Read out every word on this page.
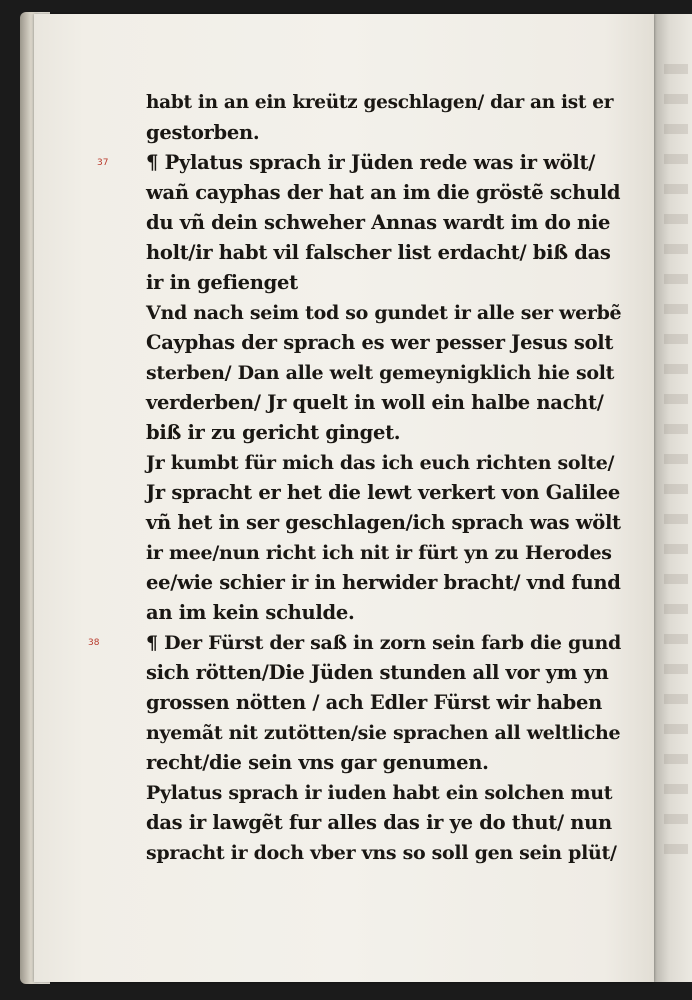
37
38
habt in an ein kreütz geschlagen/ dar an ist er
gestorben.
¶ Pylatus sprach ir Jüden rede was ir wölt/
wañ cayphas der hat an im die gröstẽ schuld
du vñ dein schweher Annas wardt im do nie
holt/ir habt vil falscher list erdacht/ biß das
ir in gefienget
Vnd nach seim tod so gundet ir alle ser werbẽ
Cayphas der sprach es wer pesser Jesus solt
sterben/ Dan alle welt gemeynigklich hie solt
verderben/ Jr quelt in woll ein halbe nacht/
biß ir zu gericht ginget.
Jr kumbt für mich das ich euch richten solte/
Jr spracht er het die lewt verkert von Galilee
vñ het in ser geschlagen/ich sprach was wölt
ir mee/nun richt ich nit ir fürt yn zu Herodes
ee/wie schier ir in herwider bracht/ vnd fund
an im kein schulde.
¶ Der Fürst der saß in zorn sein farb die gund
sich rötten/Die Jüden stunden all vor ym yn
grossen nötten / ach Edler Fürst wir haben
nyemãt nit zutötten/sie sprachen all weltliche
recht/die sein vns gar genumen.
Pylatus sprach ir iuden habt ein solchen mut
das ir lawgẽt fur alles das ir ye do thut/ nun
spracht ir doch vber vns so soll gen sein plüt/
